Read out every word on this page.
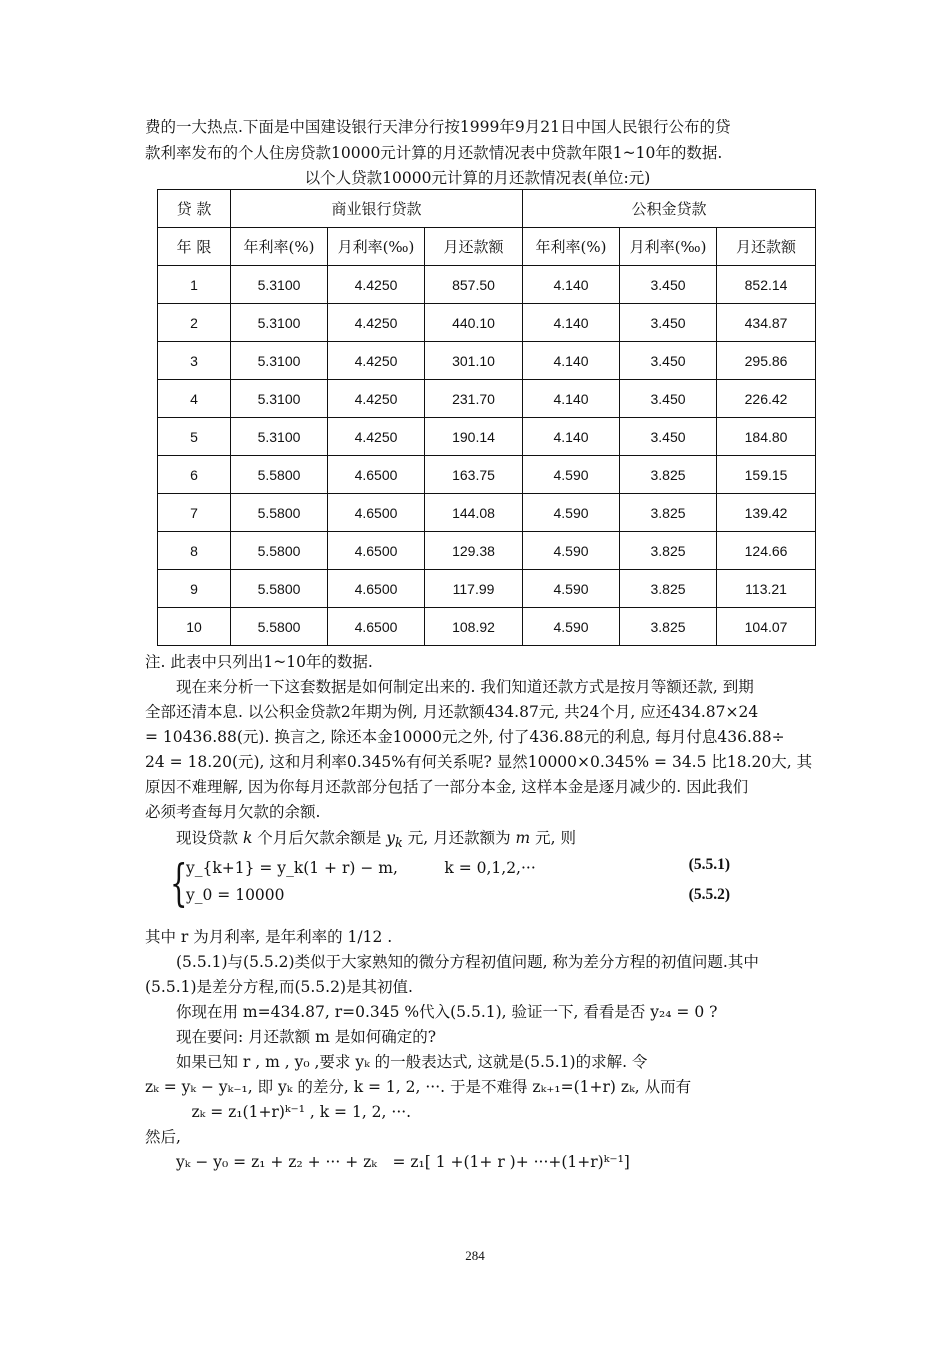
费的一大热点.下面是中国建设银行天津分行按1999年9月21日中国人民银行公布的贷

款利率发布的个人住房贷款10000元计算的月还款情况表中贷款年限1~10年的数据.

以个人贷款10000元计算的月还款情况表(单位:元)
贷 款	商业银行贷款			公积金贷款		
年 限	年利率(%)	月利率(‰)	月还款额	年利率(%)	月利率(‰)	月还款额
1	5.3100	4.4250	857.50	4.140	3.450	852.14
2	5.3100	4.4250	440.10	4.140	3.450	434.87
3	5.3100	4.4250	301.10	4.140	3.450	295.86
4	5.3100	4.4250	231.70	4.140	3.450	226.42
5	5.3100	4.4250	190.14	4.140	3.450	184.80
6	5.5800	4.6500	163.75	4.590	3.825	159.15
7	5.5800	4.6500	144.08	4.590	3.825	139.42
8	5.5800	4.6500	129.38	4.590	3.825	124.66
9	5.5800	4.6500	117.99	4.590	3.825	113.21
10	5.5800	4.6500	108.92	4.590	3.825	104.07

注. 此表中只列出1~10年的数据.

　　现在来分析一下这套数据是如何制定出来的. 我们知道还款方式是按月等额还款, 到期

全部还清本息. 以公积金贷款2年期为例, 月还款额434.87元, 共24个月, 应还434.87×24

= 10436.88(元). 换言之, 除还本金10000元之外, 付了436.88元的利息, 每月付息436.88÷

24 = 18.20(元), 这和月利率0.345%有何关系呢? 显然10000×0.345% = 34.5 比18.20大, 其

原因不难理解, 因为你每月还款部分包括了一部分本金, 这样本金是逐月减少的. 因此我们

必须考查每月欠款的余额.

　　现设贷款 k 个月后欠款余额是 $y_k$ 元, 月还款额为 m 元, 则

{
y_{k+1} = y_k(1 + r) − m,　　　k = 0,1,2,···	(5.5.1)
y_0 = 10000	(5.5.2)

其中 r 为月利率, 是年利率的 1/12 .

　　(5.5.1)与(5.5.2)类似于大家熟知的微分方程初值问题, 称为差分方程的初值问题.其中

(5.5.1)是差分方程,而(5.5.2)是其初值.

　　你现在用 m=434.87, r=0.345 %代入(5.5.1), 验证一下, 看看是否 y₂₄ = 0 ?

　　现在要问: 月还款额 m 是如何确定的?

　　如果已知 r , m , y₀ ,要求 yₖ 的一般表达式, 这就是(5.5.1)的求解. 令

zₖ = yₖ − yₖ₋₁, 即 yₖ 的差分, k = 1, 2, ···. 于是不难得 zₖ₊₁=(1+r) zₖ, 从而有

　　　zₖ = z₁(1+r)ᵏ⁻¹ , k = 1, 2, ···.

然后,

　　yₖ − y₀ = z₁ + z₂ + ··· + zₖ　= z₁[ 1 +(1+ r )+ ···+(1+r)ᵏ⁻¹]

284
